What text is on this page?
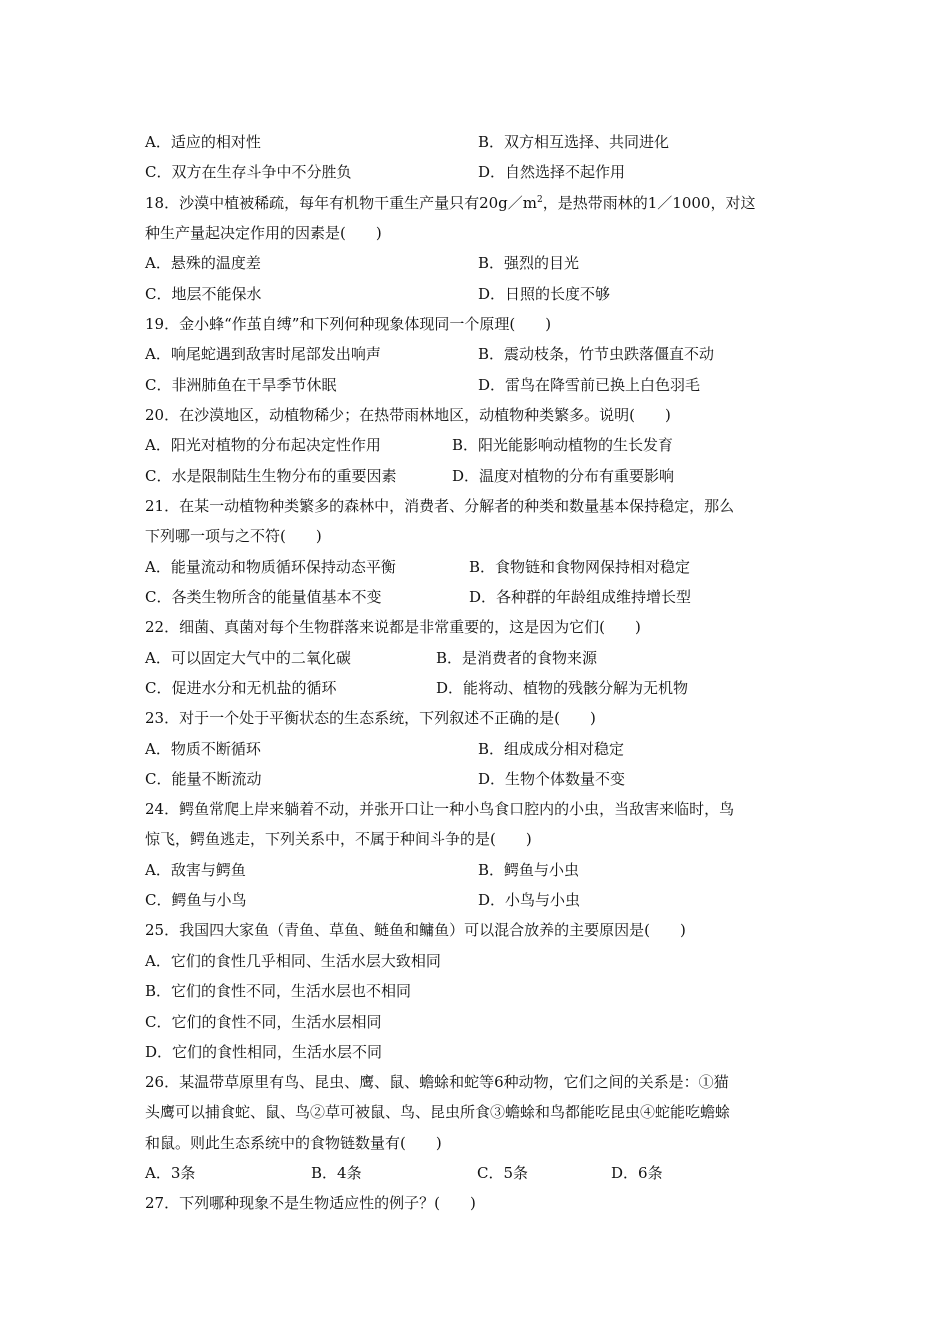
A．适应的相对性	B．双方相互选择、共同进化
C．双方在生存斗争中不分胜负	D．自然选择不起作用
18．沙漠中植被稀疏，每年有机物干重生产量只有$20g/m^2$，是热带雨林的1／1000，对这
种生产量起决定作用的因素是(　　)
A．悬殊的温度差	B．强烈的目光
C．地层不能保水	D．日照的长度不够
19．金小蜂“作茧自缚”和下列何种现象体现同一个原理(　　)
A．响尾蛇遇到敌害时尾部发出响声	B．震动枝条，竹节虫跌落僵直不动
C．非洲肺鱼在干旱季节休眠	D．雷鸟在降雪前已换上白色羽毛
20．在沙漠地区，动植物稀少；在热带雨林地区，动植物种类繁多。说明(　　)
A．阳光对植物的分布起决定性作用	B．阳光能影响动植物的生长发育
C．水是限制陆生生物分布的重要因素	D．温度对植物的分布有重要影响
21．在某一动植物种类繁多的森林中，消费者、分解者的种类和数量基本保持稳定，那么
下列哪一项与之不符(　　)
A．能量流动和物质循环保持动态平衡	B．食物链和食物网保持相对稳定
C．各类生物所含的能量值基本不变	D．各种群的年龄组成维持增长型
22．细菌、真菌对每个生物群落来说都是非常重要的，这是因为它们(　　)
A．可以固定大气中的二氧化碳	B．是消费者的食物来源
C．促进水分和无机盐的循环	D．能将动、植物的残骸分解为无机物
23．对于一个处于平衡状态的生态系统，下列叙述不正确的是(　　)
A．物质不断循环	B．组成成分相对稳定
C．能量不断流动	D．生物个体数量不变
24．鳄鱼常爬上岸来躺着不动，并张开口让一种小鸟食口腔内的小虫，当敌害来临时，鸟
惊飞，鳄鱼逃走，下列关系中，不属于种间斗争的是(　　)
A．敌害与鳄鱼	B．鳄鱼与小虫
C．鳄鱼与小鸟	D．小鸟与小虫
25．我国四大家鱼（青鱼、草鱼、鲢鱼和鳙鱼）可以混合放养的主要原因是(　　)
A．它们的食性几乎相同、生活水层大致相同
B．它们的食性不同，生活水层也不相同
C．它们的食性不同，生活水层相同
D．它们的食性相同，生活水层不同
26．某温带草原里有鸟、昆虫、鹰、鼠、蟾蜍和蛇等6种动物，它们之间的关系是：①猫
头鹰可以捕食蛇、鼠、鸟②草可被鼠、鸟、昆虫所食③蟾蜍和鸟都能吃昆虫④蛇能吃蟾蜍
和鼠。则此生态系统中的食物链数量有(　　)
A．3条	B．4条	C．5条	D．6条
27．下列哪种现象不是生物适应性的例子？(　　)
